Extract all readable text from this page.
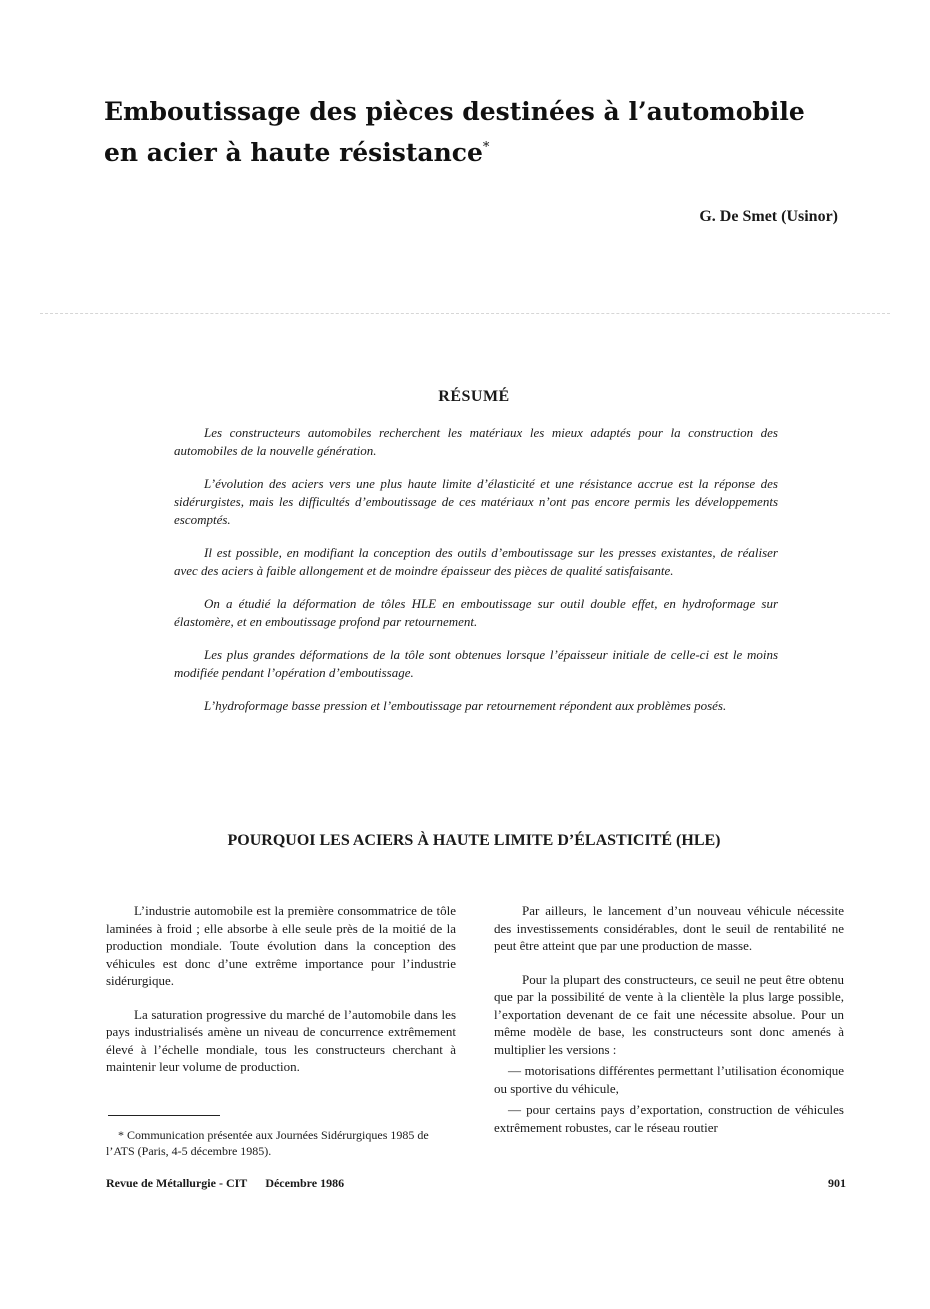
Emboutissage des pièces destinées à l’automobile
en acier à haute résistance*

G. De Smet (Usinor)

RÉSUMÉ

Les constructeurs automobiles recherchent les matériaux les mieux adaptés pour la construction des automobiles de la nouvelle génération.

L’évolution des aciers vers une plus haute limite d’élasticité et une résistance accrue est la réponse des sidérurgistes, mais les difficultés d’emboutissage de ces matériaux n’ont pas encore permis les développements escomptés.

Il est possible, en modifiant la conception des outils d’emboutissage sur les presses existantes, de réaliser avec des aciers à faible allongement et de moindre épaisseur des pièces de qualité satisfaisante.

On a étudié la déformation de tôles HLE en emboutissage sur outil double effet, en hydroformage sur élastomère, et en emboutissage profond par retournement.

Les plus grandes déformations de la tôle sont obtenues lorsque l’épaisseur initiale de celle-ci est le moins modifiée pendant l’opération d’emboutissage.

L’hydroformage basse pression et l’emboutissage par retournement répondent aux problèmes posés.

POURQUOI LES ACIERS À HAUTE LIMITE D’ÉLASTICITÉ (HLE)

L’industrie automobile est la première consommatrice de tôle laminées à froid ; elle absorbe à elle seule près de la moitié de la production mondiale. Toute évolution dans la conception des véhicules est donc d’une extrême importance pour l’industrie sidérurgique.

La saturation progressive du marché de l’automobile dans les pays industrialisés amène un niveau de concurrence extrêmement élevé à l’échelle mondiale, tous les constructeurs cherchant à maintenir leur volume de production.

Par ailleurs, le lancement d’un nouveau véhicule nécessite des investissements considérables, dont le seuil de rentabilité ne peut être atteint que par une production de masse.

Pour la plupart des constructeurs, ce seuil ne peut être obtenu que par la possibilité de vente à la clientèle la plus large possible, l’exportation devenant de ce fait une nécessite absolue. Pour un même modèle de base, les constructeurs sont donc amenés à multiplier les versions :

— motorisations différentes permettant l’utilisation économique ou sportive du véhicule,

— pour certains pays d’exportation, construction de véhicules extrêmement robustes, car le réseau routier

* Communication présentée aux Journées Sidérurgiques 1985 de l’ATS (Paris, 4-5 décembre 1985).

Revue de Métallurgie - CIT Décembre 1986	901
